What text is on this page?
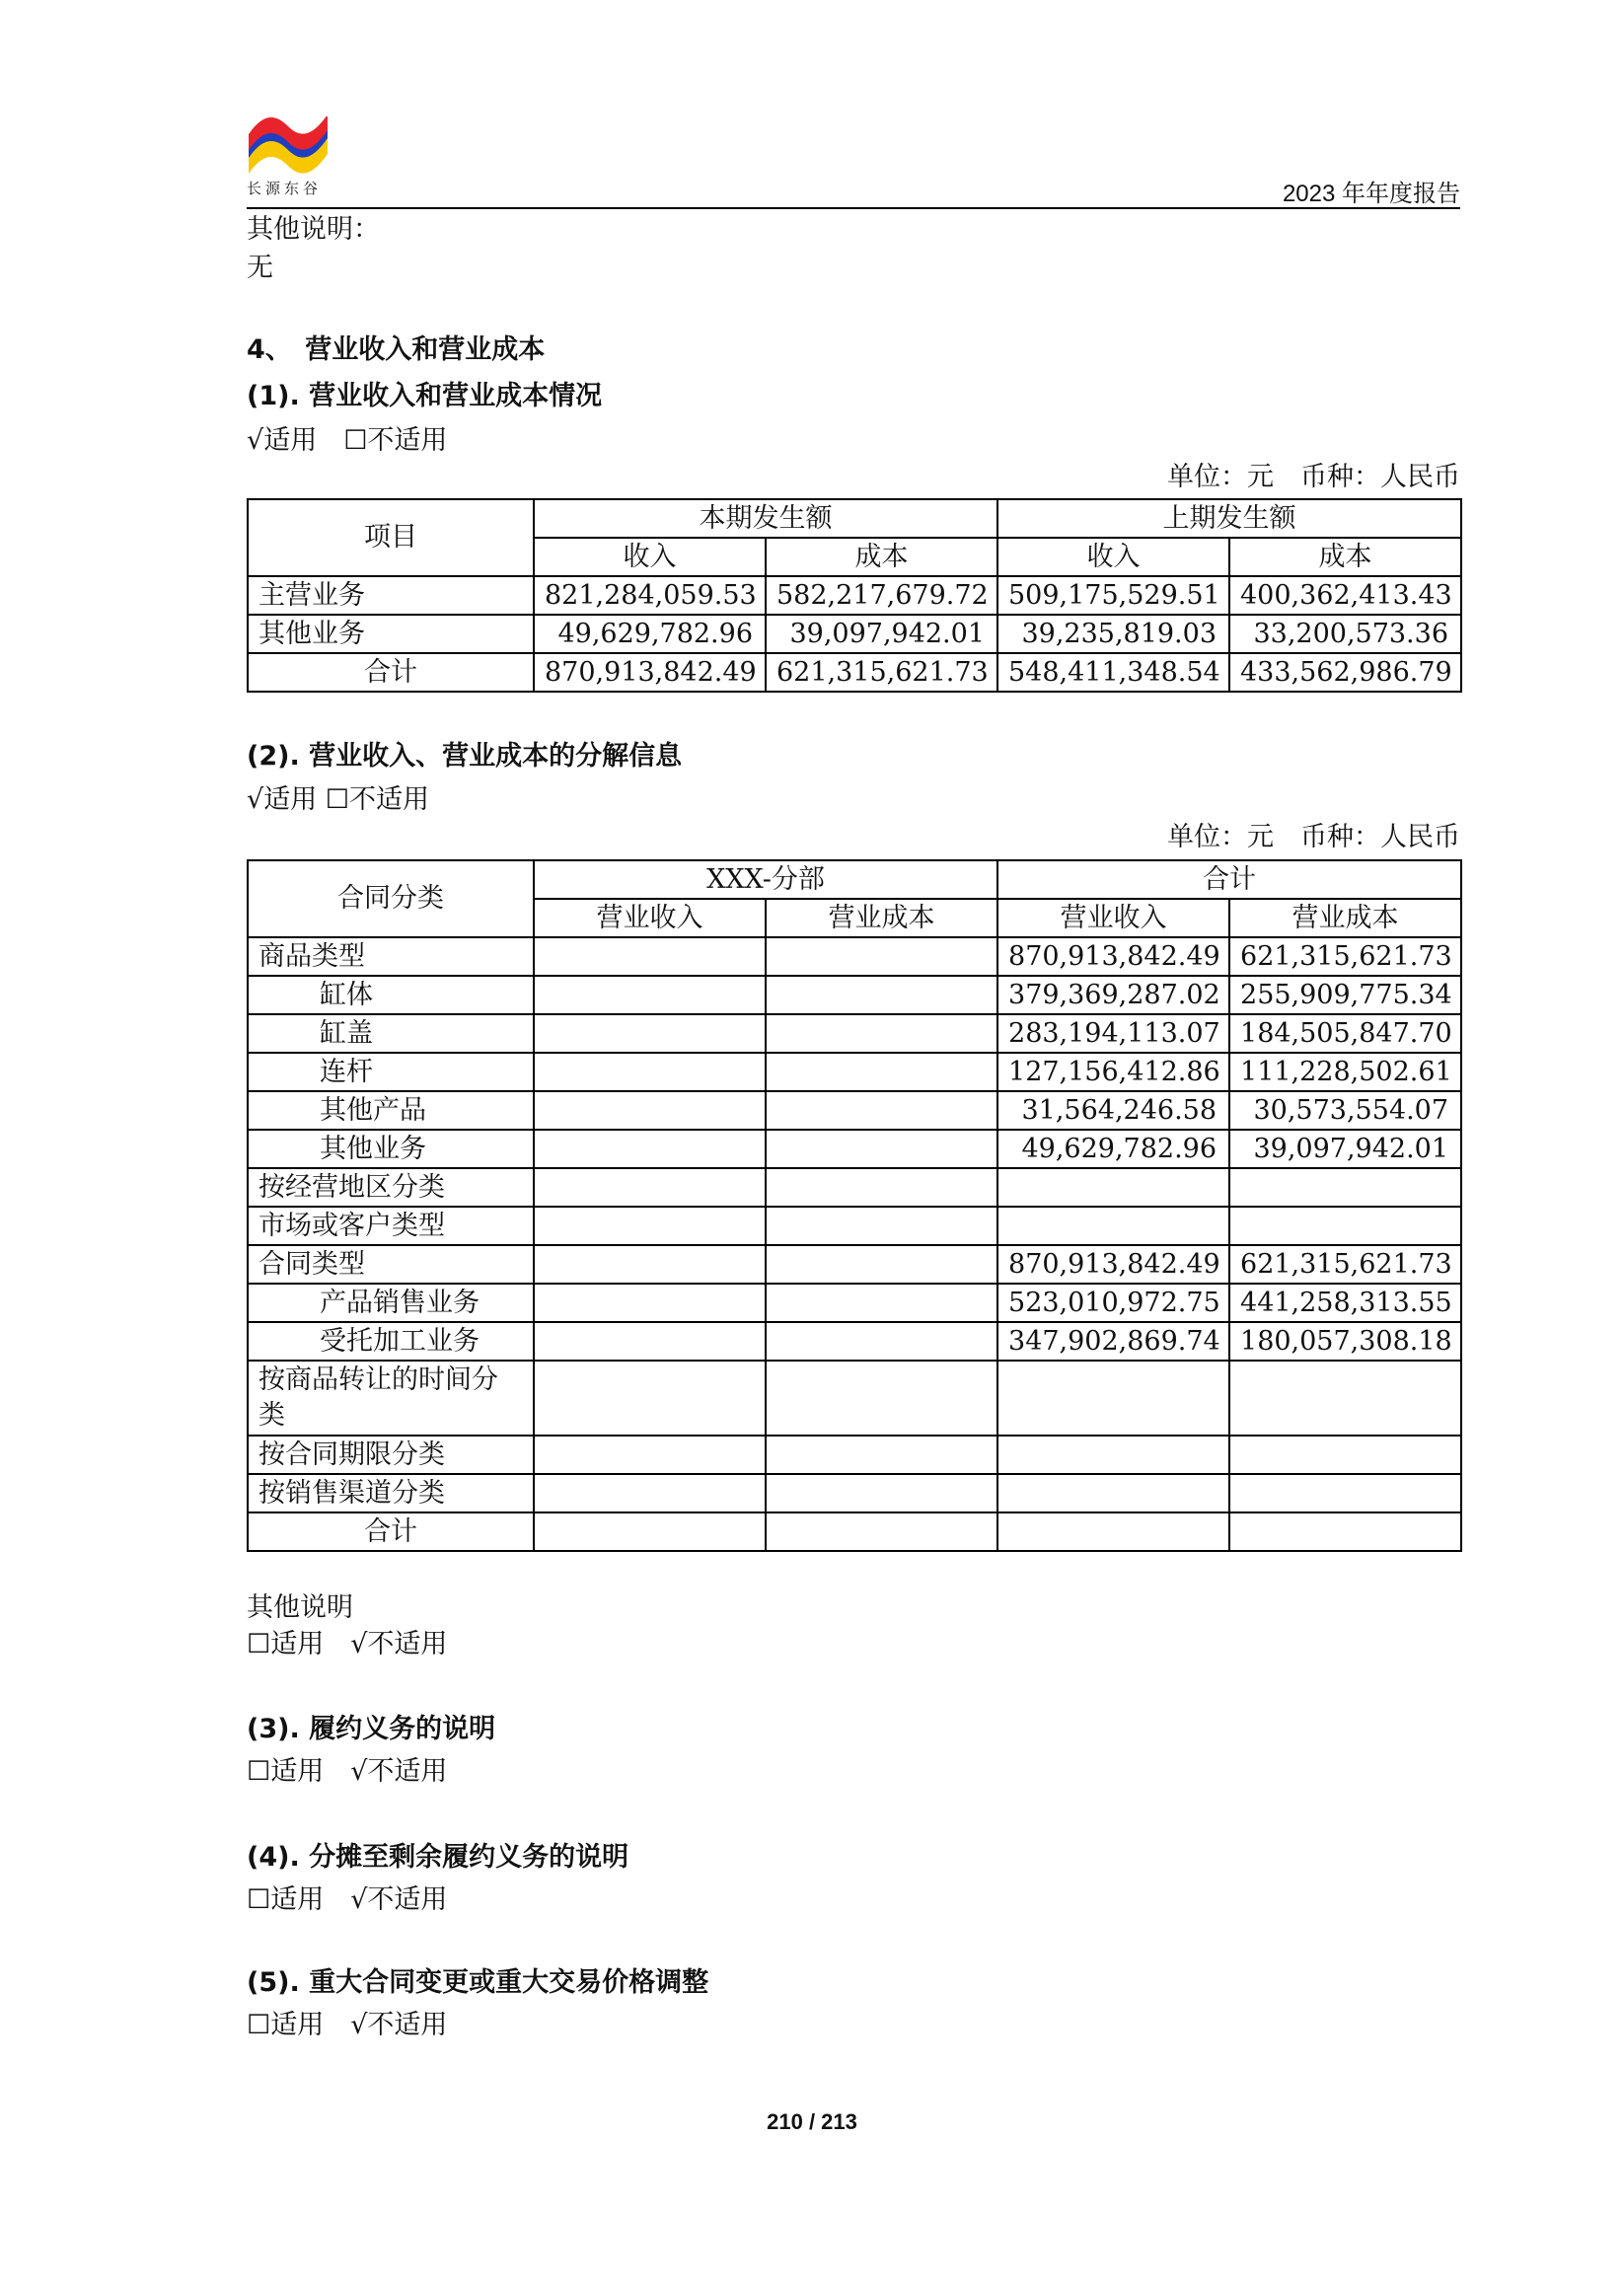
长源东谷	2023 年年度报告
其他说明：
无
4、　营业收入和营业成本
(1). 营业收入和营业成本情况
√适用　☐不适用
单位：元　币种：人民币
项目	本期发生额		上期发生额	
	收入	成本	收入	成本
主营业务	821,284,059.53	582,217,679.72	509,175,529.51	400,362,413.43
其他业务	49,629,782.96	39,097,942.01	39,235,819.03	33,200,573.36
合计	870,913,842.49	621,315,621.73	548,411,348.54	433,562,986.79
(2). 营业收入、营业成本的分解信息
√适用 ☐不适用
单位：元　币种：人民币
合同分类	XXX-分部		合计	
	营业收入	营业成本	营业收入	营业成本
商品类型			870,913,842.49	621,315,621.73
缸体			379,369,287.02	255,909,775.34
缸盖			283,194,113.07	184,505,847.70
连杆			127,156,412.86	111,228,502.61
其他产品			31,564,246.58	30,573,554.07
其他业务			49,629,782.96	39,097,942.01
按经营地区分类				
市场或客户类型				
合同类型			870,913,842.49	621,315,621.73
产品销售业务			523,010,972.75	441,258,313.55
受托加工业务			347,902,869.74	180,057,308.18
按商品转让的时间分类				
按合同期限分类				
按销售渠道分类				
合计				
其他说明
☐适用　√不适用
(3). 履约义务的说明
☐适用　√不适用
(4). 分摊至剩余履约义务的说明
☐适用　√不适用
(5). 重大合同变更或重大交易价格调整
☐适用　√不适用
210 / 213
